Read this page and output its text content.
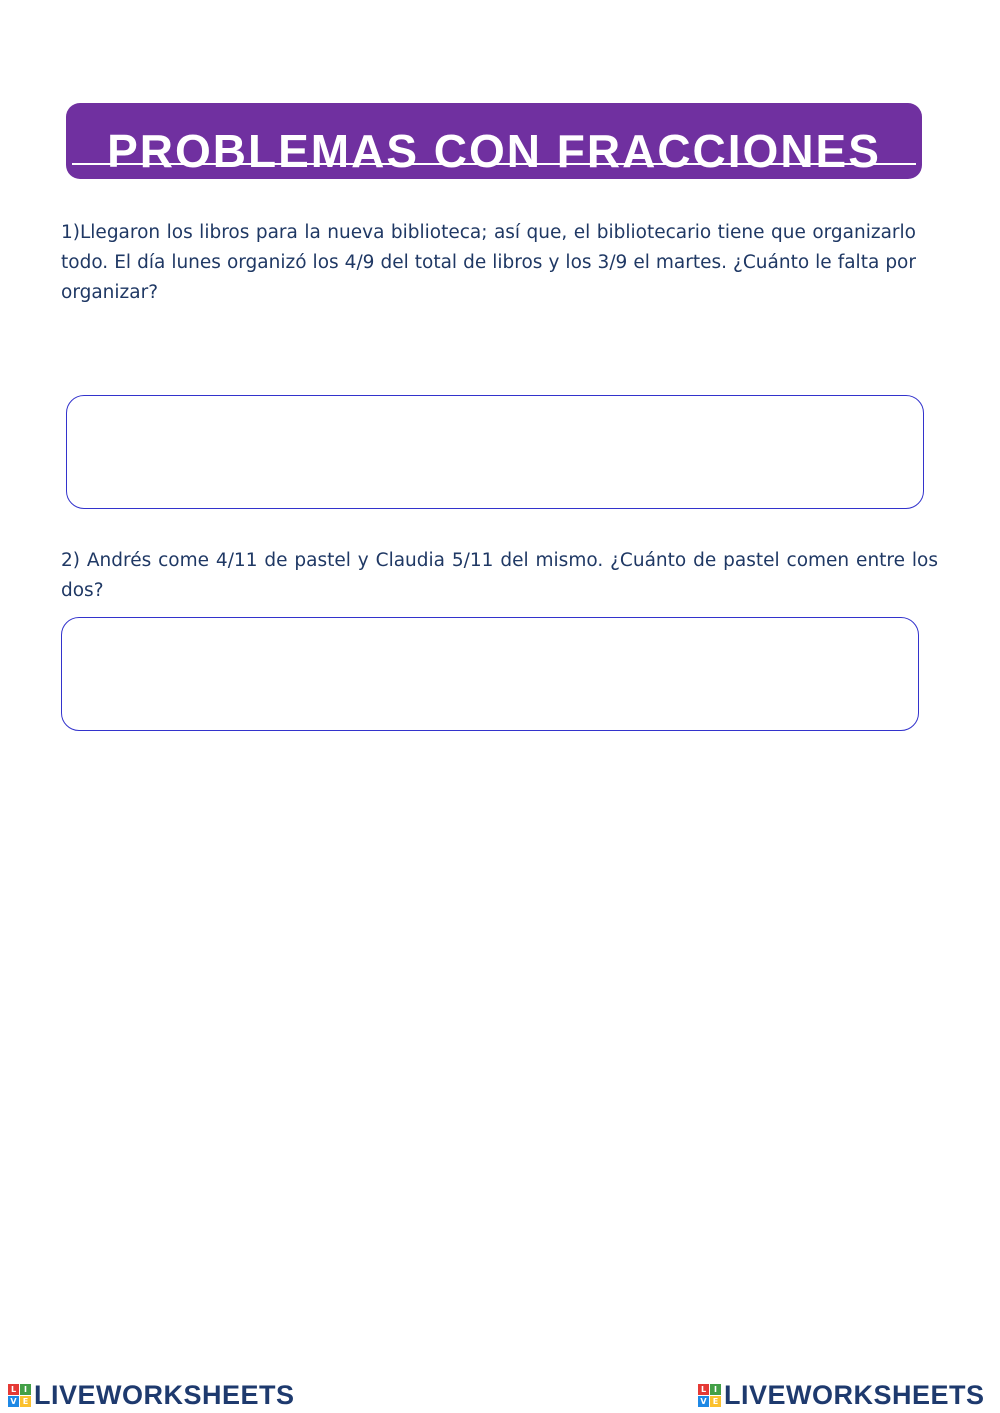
PROBLEMAS CON FRACCIONES

1)Llegaron los libros para la nueva biblioteca; así que, el bibliotecario tiene que organizarlo todo. El día lunes organizó los 4/9 del total de libros y los 3/9 el martes. ¿Cuánto le falta por organizar?

2) Andrés come 4/11 de pastel y Claudia 5/11 del mismo. ¿Cuánto de pastel comen entre los dos?

L I
V E LIVEWORKSHEETS	L I
V E LIVEWORKSHEETS
